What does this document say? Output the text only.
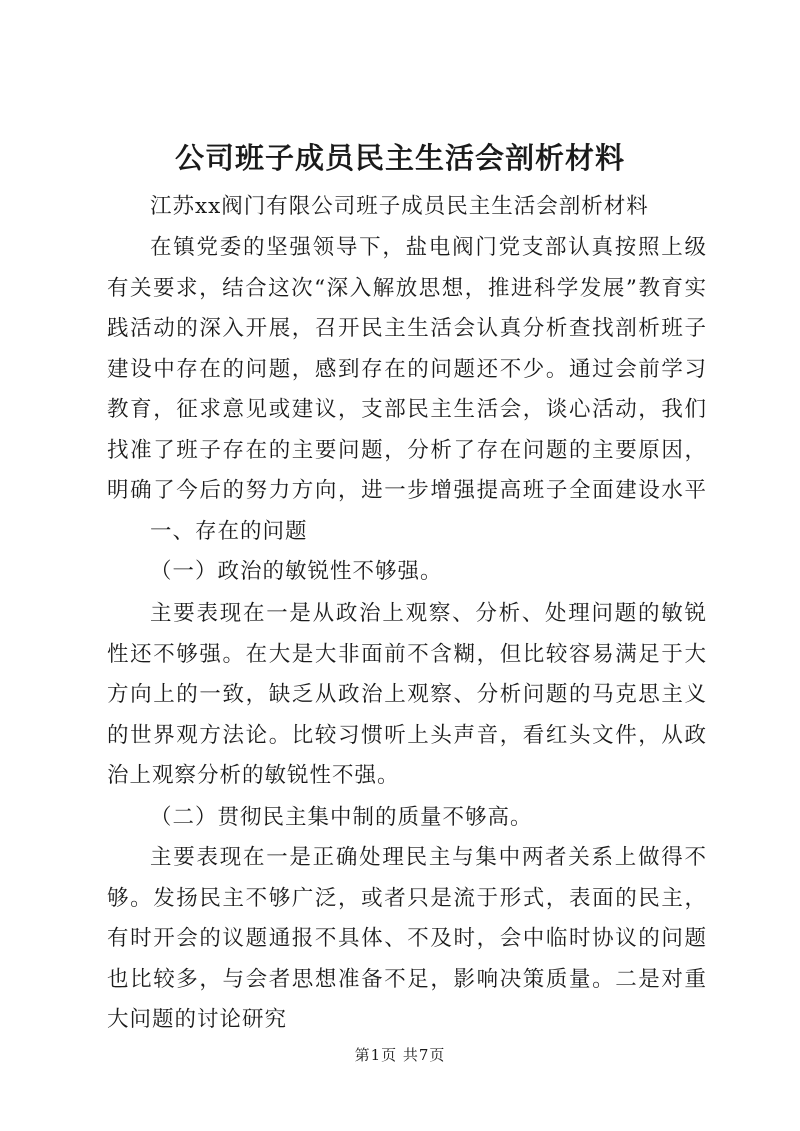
公司班子成员民主生活会剖析材料
江苏xx阀门有限公司班子成员民主生活会剖析材料

在镇党委的坚强领导下，盐电阀门党支部认真按照上级有关要求，结合这次“深入解放思想，推进科学发展”教育实践活动的深入开展，召开民主生活会认真分析查找剖析班子建设中存在的问题，感到存在的问题还不少。通过会前学习教育，征求意见或建议，支部民主生活会，谈心活动，我们找准了班子存在的主要问题，分析了存在问题的主要原因，明确了今后的努力方向，进一步增强提高班子全面建设水平

一、存在的问题
（一）政治的敏锐性不够强。

主要表现在一是从政治上观察、分析、处理问题的敏锐性还不够强。在大是大非面前不含糊，但比较容易满足于大方向上的一致，缺乏从政治上观察、分析问题的马克思主义的世界观方法论。比较习惯听上头声音，看红头文件，从政治上观察分析的敏锐性不强。

（二）贯彻民主集中制的质量不够高。

主要表现在一是正确处理民主与集中两者关系上做得不够。发扬民主不够广泛，或者只是流于形式，表面的民主，有时开会的议题通报不具体、不及时，会中临时协议的问题也比较多，与会者思想准备不足，影响决策质量。二是对重大问题的讨论研究

第1页 共7页
